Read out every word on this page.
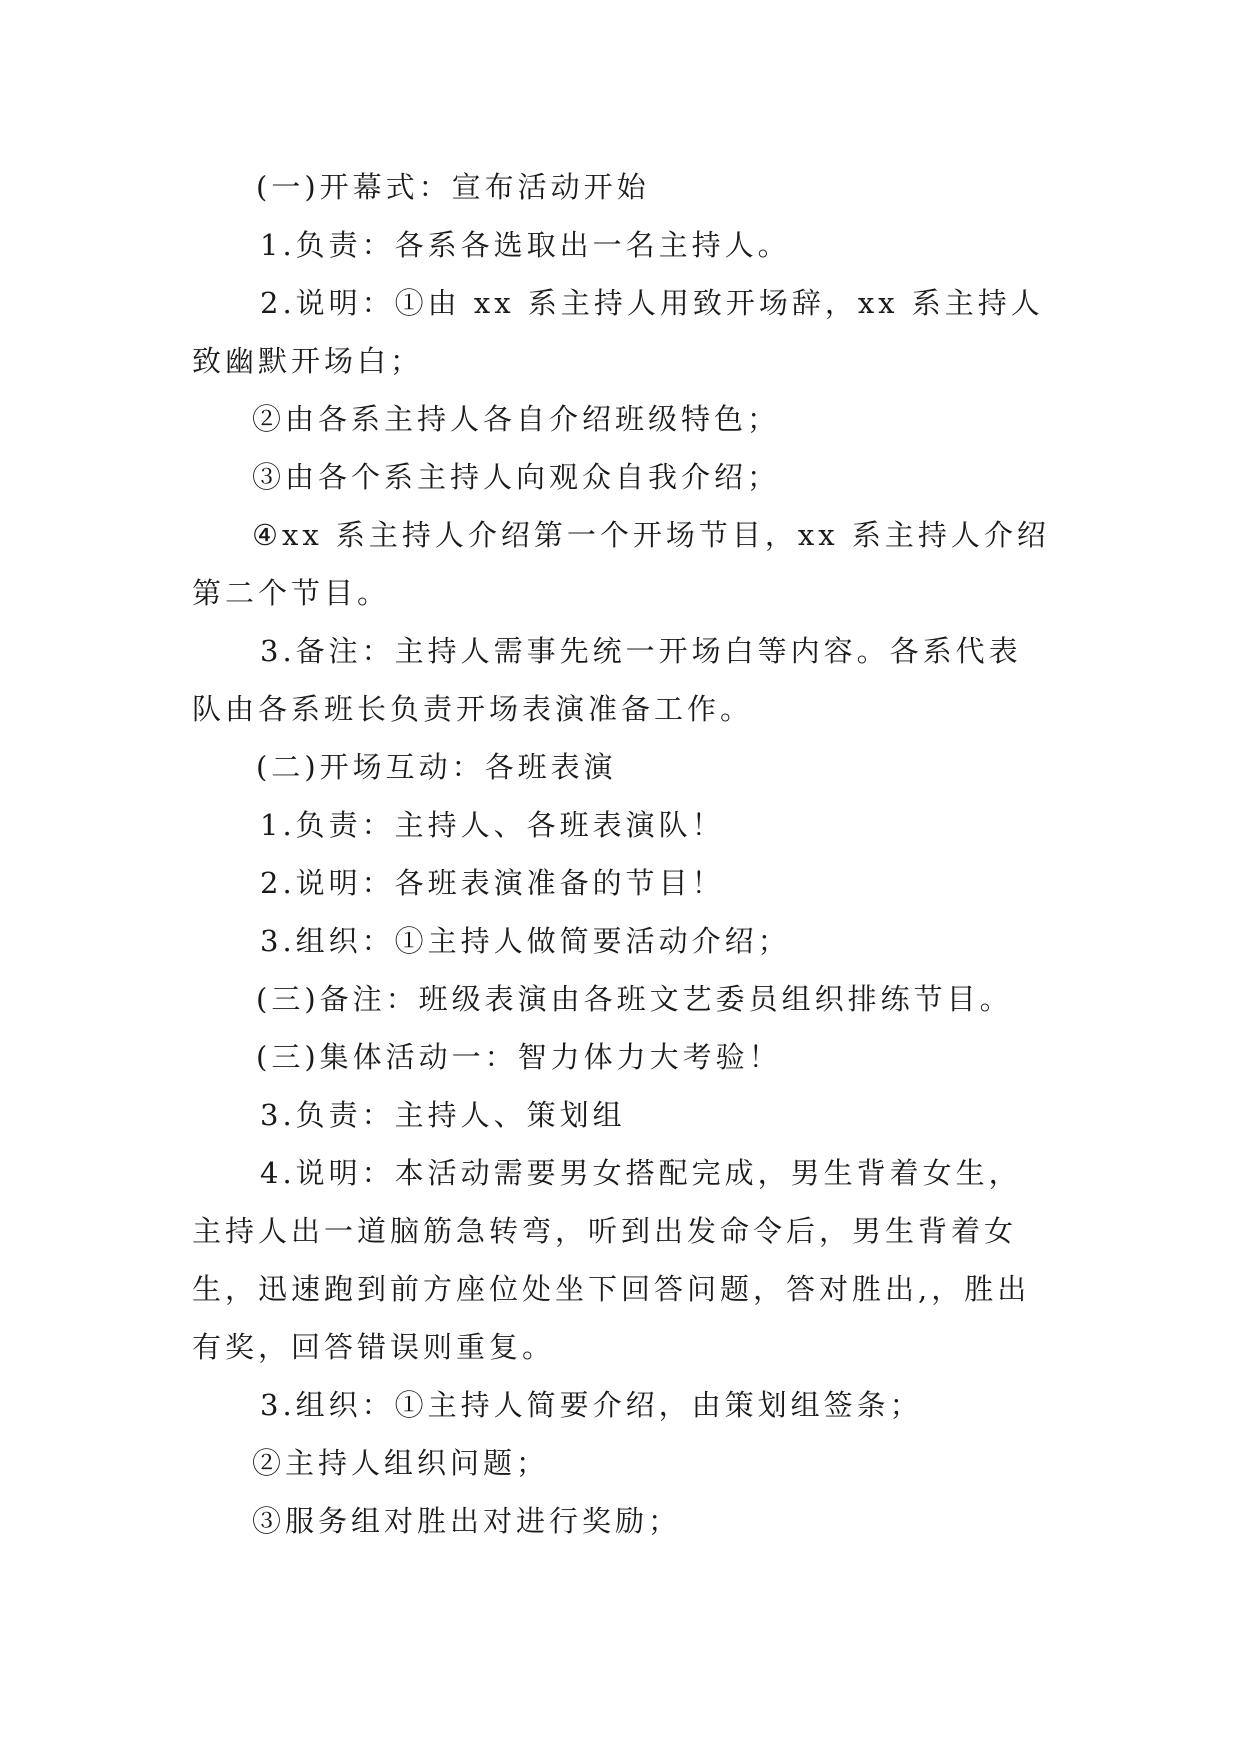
(一)开幕式：宣布活动开始

1.负责：各系各选取出一名主持人。

2.说明：①由 xx 系主持人用致开场辞，xx 系主持人致幽默开场白；

②由各系主持人各自介绍班级特色；

③由各个系主持人向观众自我介绍；

④xx 系主持人介绍第一个开场节目，xx 系主持人介绍第二个节目。

3.备注：主持人需事先统一开场白等内容。各系代表队由各系班长负责开场表演准备工作。

(二)开场互动：各班表演

1.负责：主持人、各班表演队！

2.说明：各班表演准备的节目！

3.组织：①主持人做简要活动介绍；

(三)备注：班级表演由各班文艺委员组织排练节目。

(三)集体活动一：智力体力大考验！

3.负责：主持人、策划组

4.说明：本活动需要男女搭配完成，男生背着女生，主持人出一道脑筋急转弯，听到出发命令后，男生背着女生，迅速跑到前方座位处坐下回答问题，答对胜出,，胜出有奖，回答错误则重复。

3.组织：①主持人简要介绍，由策划组签条；

②主持人组织问题；

③服务组对胜出对进行奖励；
